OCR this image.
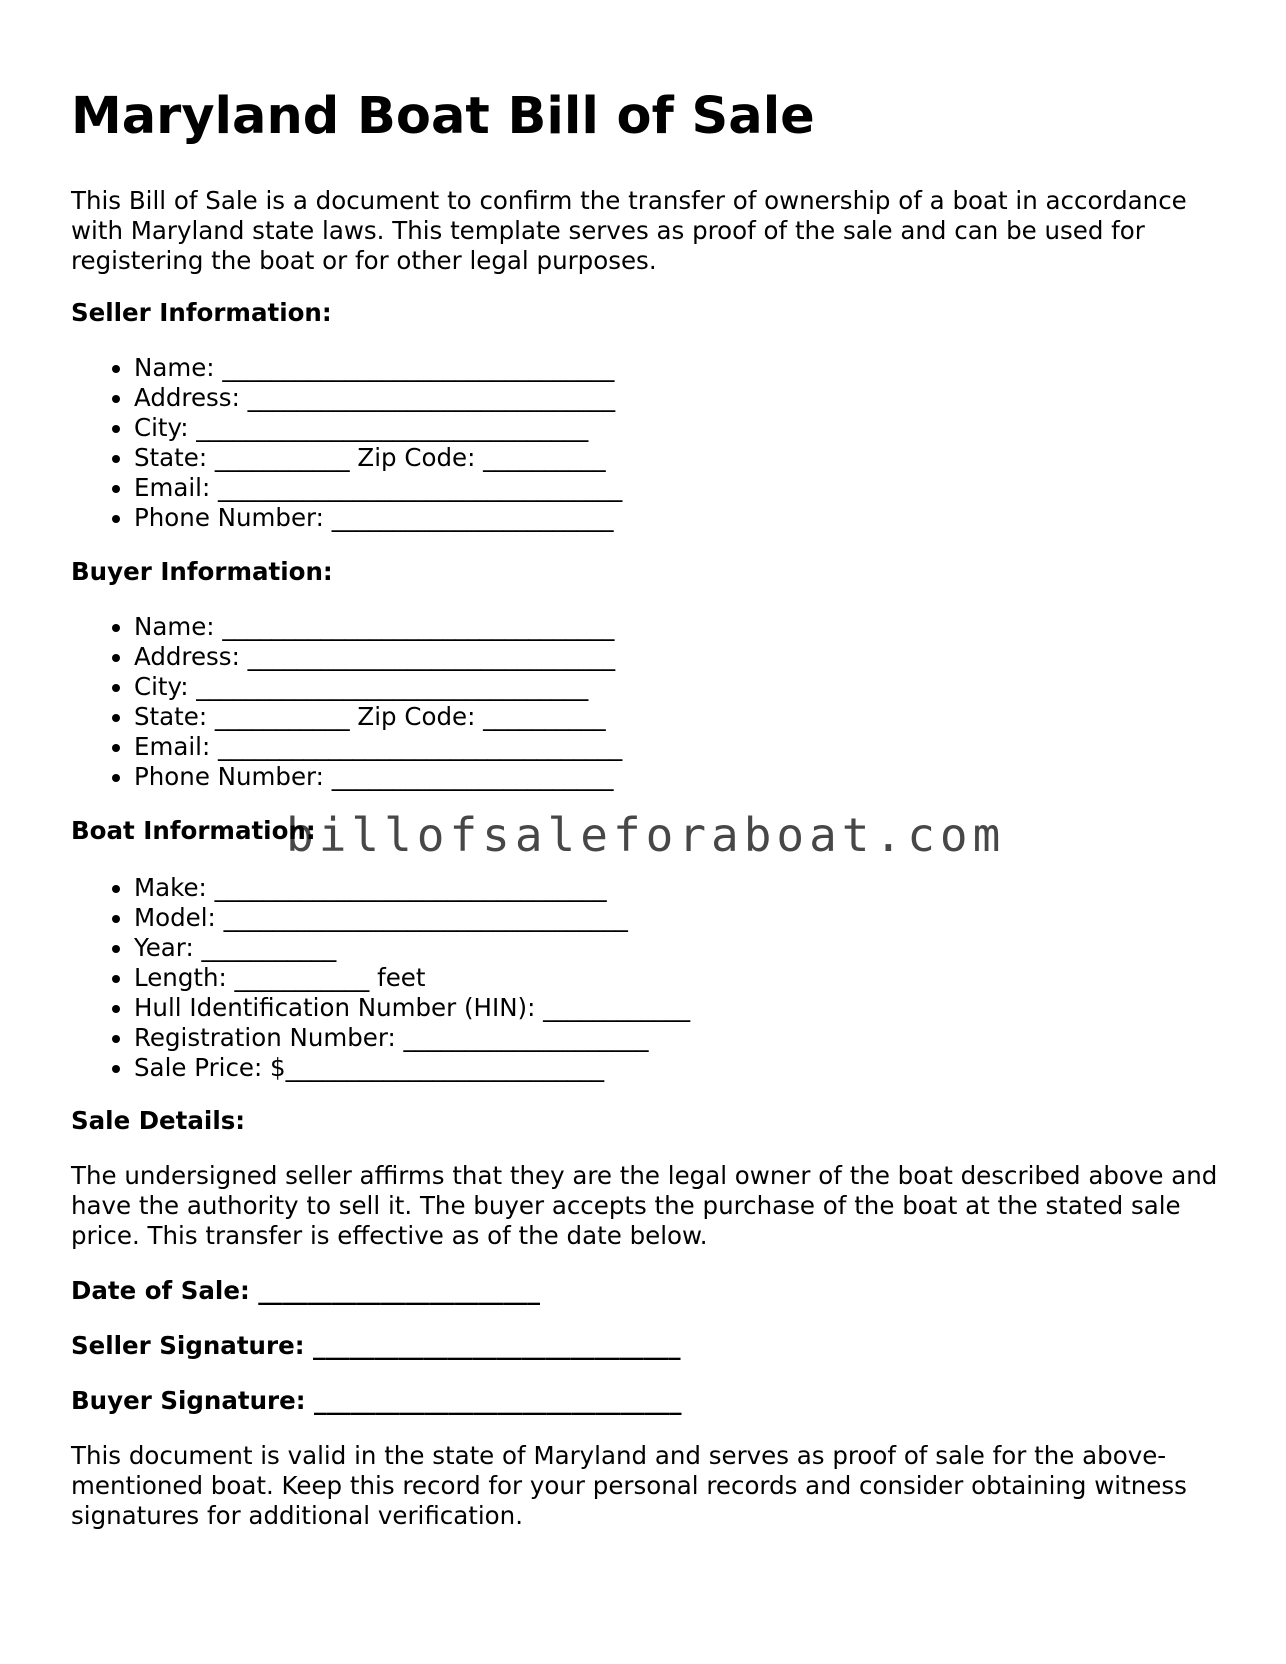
Maryland Boat Bill of Sale

This Bill of Sale is a document to confirm the transfer of ownership of a boat in accordance with Maryland state laws. This template serves as proof of the sale and can be used for registering the boat or for other legal purposes.

Seller Information:

• Name: ________________________________
• Address: ______________________________
• City: ________________________________
• State: ___________ Zip Code: __________
• Email: _________________________________
• Phone Number: _______________________

Buyer Information:

• Name: ________________________________
• Address: ______________________________
• City: ________________________________
• State: ___________ Zip Code: __________
• Email: _________________________________
• Phone Number: _______________________

Boat Information:

• Make: ________________________________
• Model: _________________________________
• Year: ___________
• Length: ___________ feet
• Hull Identification Number (HIN): ____________
• Registration Number: ____________________
• Sale Price: $__________________________

Sale Details:

The undersigned seller affirms that they are the legal owner of the boat described above and have the authority to sell it. The buyer accepts the purchase of the boat at the stated sale price. This transfer is effective as of the date below.

Date of Sale: _______________________

Seller Signature: ______________________________

Buyer Signature: ______________________________

This document is valid in the state of Maryland and serves as proof of sale for the above-mentioned boat. Keep this record for your personal records and consider obtaining witness signatures for additional verification.

billofsaleforaboat.com
